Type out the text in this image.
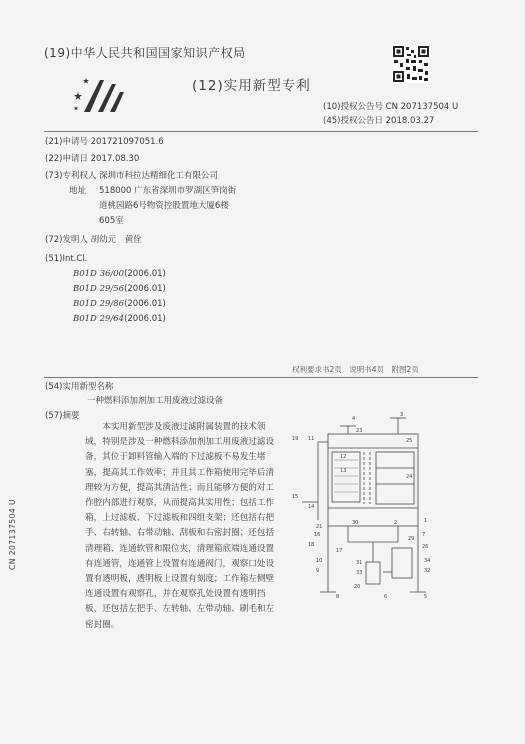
(19)中华人民共和国国家知识产权局
(12)实用新型专利
(10)授权公告号 CN 207137504 U
(45)授权公告日 2018.03.27
(21)申请号 201721097051.6
(22)申请日 2017.08.30
(73)专利权人 深圳市科拉达精细化工有限公司
地址 518000 广东省深圳市罗湖区笋岗街
道桃园路6号物资控股置地大厦6楼
605室
(72)发明人 胡幼元　黄佺
(51)Int.Cl.
B01D 36/00(2006.01)
B01D 29/56(2006.01)
B01D 29/86(2006.01)
B01D 29/64(2006.01)
权利要求书2页　说明书4页　附图2页
(54)实用新型名称
一种燃料添加剂加工用废液过滤设备
(57)摘要

本实用新型涉及废液过滤附属装置的技术领域，特别是涉及一种燃料添加剂加工用废液过滤设备，其位于卸料管输入端的下过滤板不易发生堵塞，提高其工作效率；并且其工作箱使用完毕后清理较为方便，提高其清洁性；而且能够方便的对工作腔内部进行观察，从而提高其实用性；包括工作箱，上过滤板、下过滤板和四组支架；还包括右把手、右转轴、右带动轴、刮板和右密封圈；还包括清理箱、连通软管和限位夹，清理箱底端连通设置有连通管，连通管上设置有连通阀门，观察口处设置有透明板，透明板上设置有刻度；工作箱左侧壁连通设置有观察孔，并在观察孔处设置有透明挡板，还包括左把手、左转轴、左带动轴、刷毛和左密封圈。

4
3
23
25
19 11
12
13
24
14
15
1
16
18
17
21
30	2
29
7
26
31
33
34
32
10
9
20
6
8	5
CN 207137504 U
